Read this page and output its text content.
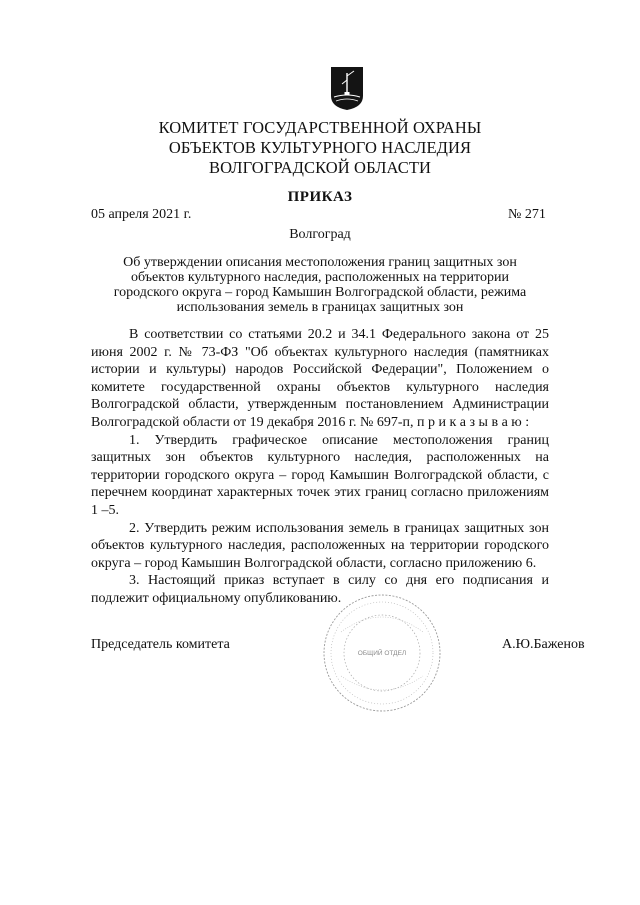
КОМИТЕТ ГОСУДАРСТВЕННОЙ ОХРАНЫ
ОБЪЕКТОВ КУЛЬТУРНОГО НАСЛЕДИЯ
ВОЛГОГРАДСКОЙ ОБЛАСТИ
ПРИКАЗ
05 апреля 2021 г.	№ 271
Волгоград
Об утверждении описания местоположения границ защитных зон объектов культурного наследия, расположенных на территории городского округа – город Камышин Волгоградской области, режима использования земель в границах защитных зон

В соответствии со статьями 20.2 и 34.1 Федерального закона от 25 июня 2002 г. № 73-ФЗ "Об объектах культурного наследия (памятниках истории и культуры) народов Российской Федерации", Положением о комитете государственной охраны объектов культурного наследия Волгоградской области, утвержденным постановлением Администрации Волгоградской области от 19 декабря 2016 г. № 697-п, п р и к а з ы в а ю :

1. Утвердить графическое описание местоположения границ защитных зон объектов культурного наследия, расположенных на территории городского округа – город Камышин Волгоградской области, с перечнем координат характерных точек этих границ согласно приложениям 1 –5.

2. Утвердить режим использования земель в границах защитных зон объектов культурного наследия, расположенных на территории городского округа – город Камышин Волгоградской области, согласно приложению 6.

3. Настоящий приказ вступает в силу со дня его подписания и подлежит официальному опубликованию.

Председатель комитета
ОБЩИЙ ОТДЕЛ
А.Ю.Баженов
